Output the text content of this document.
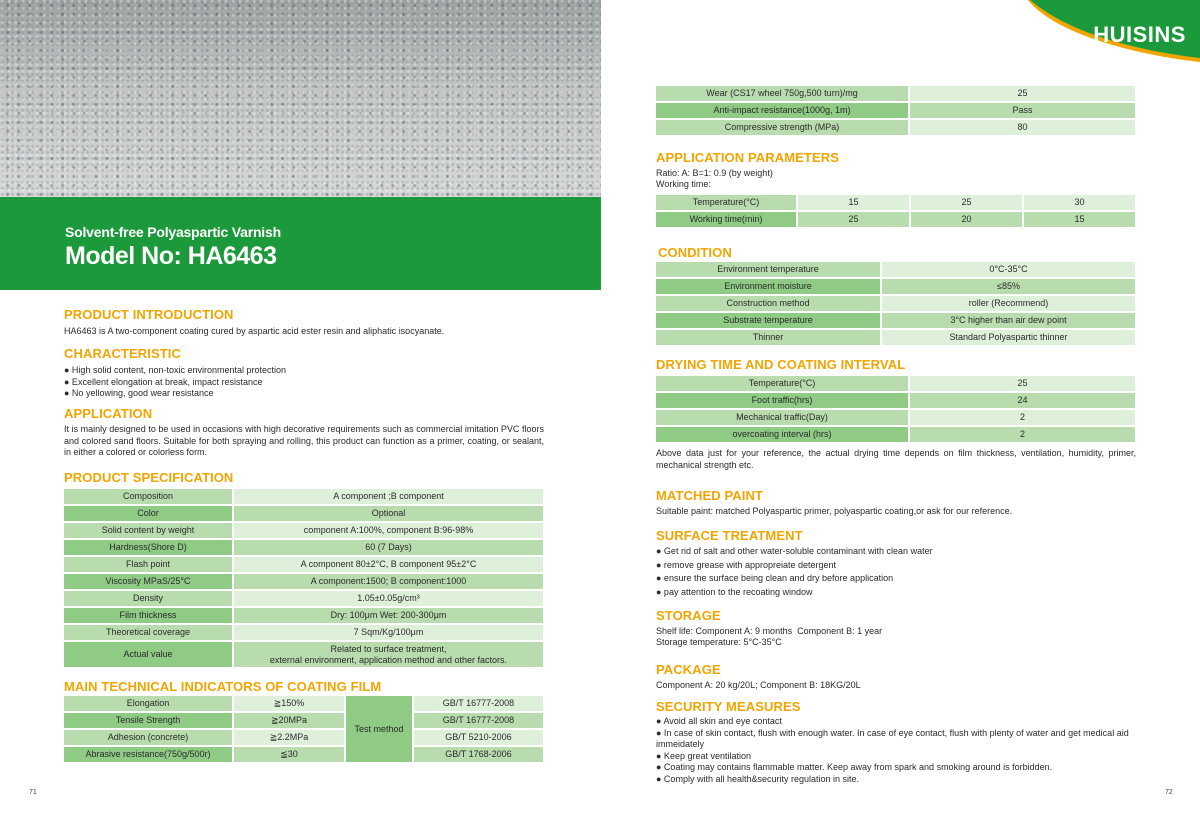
Solvent-free Polyaspartic Varnish
Model No: HA6463
PRODUCT INTRODUCTION
HA6463 is A two-component coating cured by aspartic acid ester resin and aliphatic isocyanate.
CHARACTERISTIC
● High solid content, non-toxic environmental protection
● Excellent elongation at break, impact resistance
● No yellowing, good wear resistance
APPLICATION
It is mainly designed to be used in occasions with high decorative requirements such as commercial imitation PVC floors and colored sand floors. Suitable for both spraying and rolling, this product can function as a primer, coating, or sealant, in either a colored or colorless form.
PRODUCT SPECIFICATION
Composition	A component ;B component
Color	Optional
Solid content by weight	component A:100%, component B:96-98%
Hardness(Shore D)	60 (7 Days)
Flash point	A component 80±2°C, B component 95±2°C
Viscosity MPaS/25°C	A component:1500; B component:1000
Density	1.05±0.05g/cm³
Film thickness	Dry: 100μm Wet: 200-300μm
Theoretical coverage	7 Sqm/Kg/100μm
Actual value	Related to surface treatment,
external environment, application method and other factors.
MAIN TECHNICAL INDICATORS OF COATING FILM
Elongation	≧150%	Test method	GB/T 16777-2008
Tensile Strength	≧20MPa		GB/T 16777-2008
Adhesion (concrete)	≧2.2MPa		GB/T 5210-2006
Abrasive resistance(750g/500r)	≦30		GB/T 1768-2006
71
HUISINS
Wear (CS17 wheel 750g,500 turn)/mg	25
Anti-impact resistance(1000g, 1m)	Pass
Compressive strength (MPa)	80
APPLICATION PARAMETERS
Ratio: A: B=1: 0.9 (by weight)
Working time:
Temperature(°C)	15	25	30
Working time(min)	25	20	15
CONDITION
Environment temperature	0°C-35°C
Environment moisture	≤85%
Construction method	roller (Recommend)
Substrate temperature	3°C higher than air dew point
Thinner	Standard Polyaspartic thinner
DRYING TIME AND COATING INTERVAL
Temperature(°C)	25
Foot traffic(hrs)	24
Mechanical traffic(Day)	2
overcoating interval (hrs)	2
Above data just for your reference, the actual drying time depends on film thickness, ventilation, humidity, primer, mechanical strength etc.
MATCHED PAINT
Suitable paint: matched Polyaspartic primer, polyaspartic coating,or ask for our reference.
SURFACE TREATMENT
● Get rid of salt and other water-soluble contaminant with clean water
● remove grease with appropreiate detergent
● ensure the surface being clean and dry before application
● pay attention to the recoating window
STORAGE
Shelf life: Component A: 9 months  Component B: 1 year
Storage temperature: 5°C-35°C
PACKAGE
Component A: 20 kg/20L; Component B: 18KG/20L
SECURITY MEASURES
● Avoid all skin and eye contact
● In case of skin contact, flush with enough water. In case of eye contact, flush with plenty of water and get medical aid immeidately
● Keep great ventilation
● Coating may contains flammable matter. Keep away from spark and smoking around is forbidden.
● Comply with all health&security regulation in site.
72
